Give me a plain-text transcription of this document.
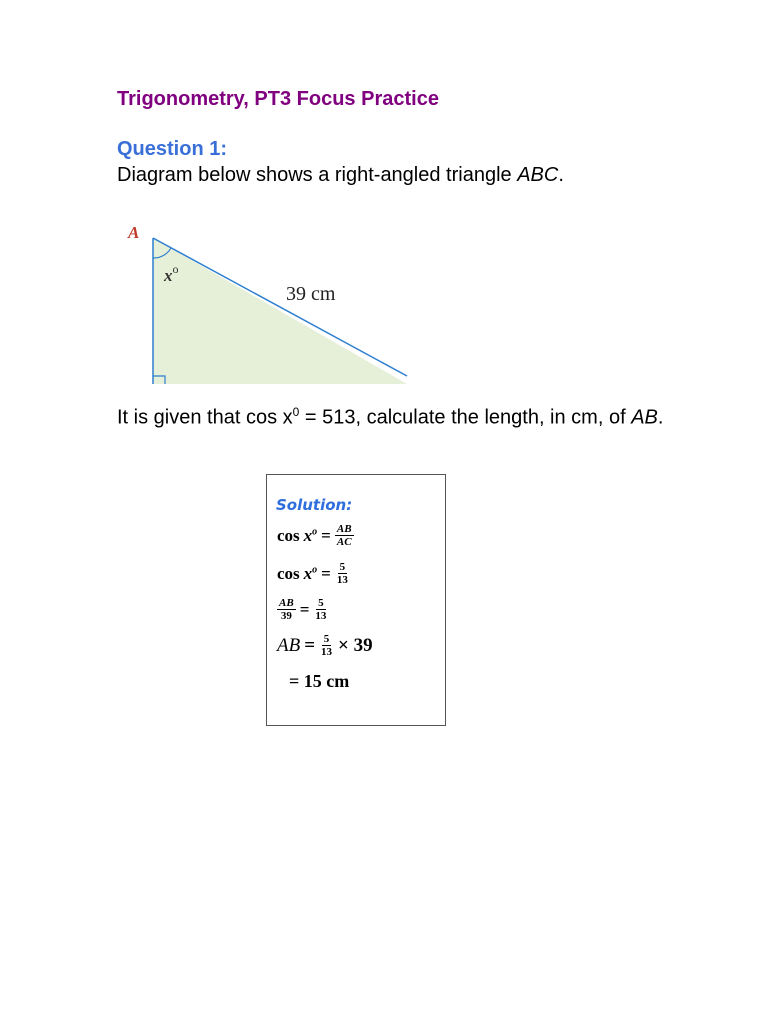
Trigonometry, PT3 Focus Practice
Question 1:
Diagram below shows a right-angled triangle ABC.
A
$x^o$
39 cm
It is given that $\cos x^0 = 513$, calculate the length, in cm, of AB.
Solution:
$\cos x^o = \frac{AB}{AC}$
$\cos x^o = \frac{5}{13}$
$\frac{AB}{39} = \frac{5}{13}$
AB = $\frac{5}{13} \times 39$
= 15 cm
